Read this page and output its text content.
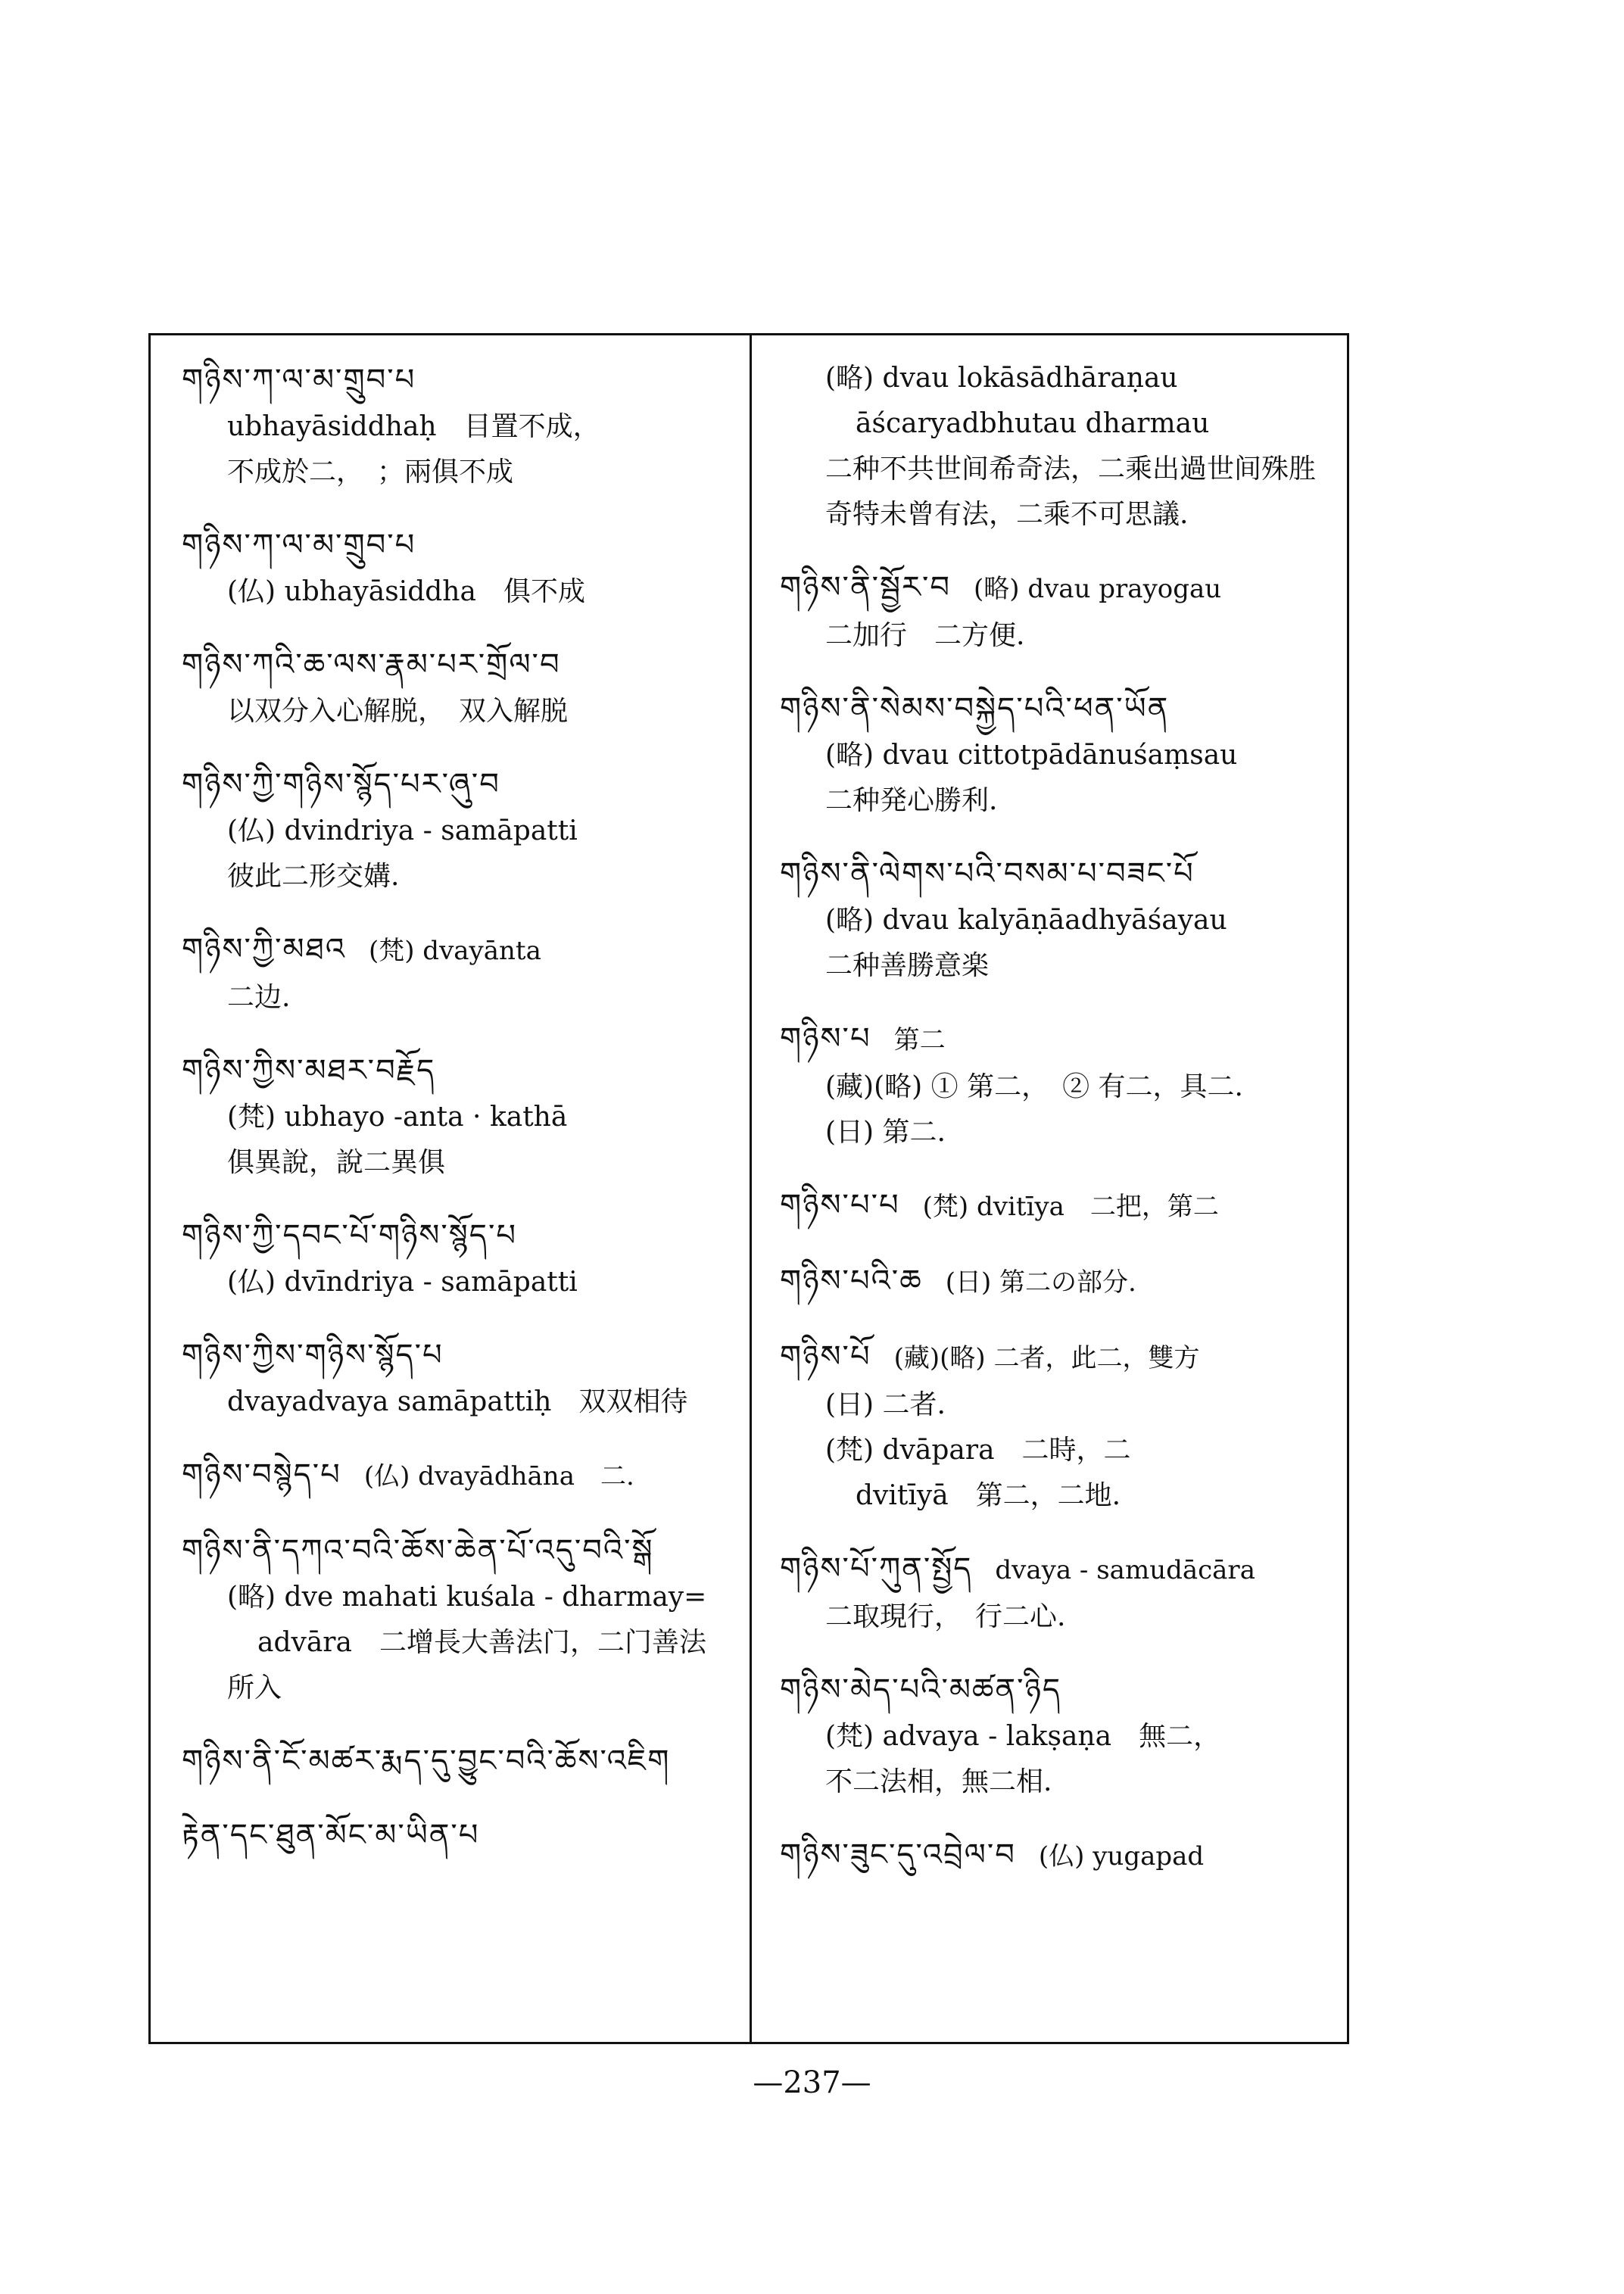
གཉིས་ཀ་ལ་མ་གྲུབ་པ
ubhayāsiddhaḥ　目置不成，
不成於二，　；兩俱不成
གཉིས་ཀ་ལ་མ་གྲུབ་པ
(仏) ubhayāsiddha　俱不成
གཉིས་ཀའི་ཆ་ལས་རྣམ་པར་གྲོལ་བ
以双分入心解脱，　双入解脱
གཉིས་ཀྱི་གཉིས་སྙོད་པར་ཞུ་བ
(仏) dvindriya - samāpatti
彼此二形交媾.
གཉིས་ཀྱི་མཐའ (梵) dvayānta
二边.
གཉིས་ཀྱིས་མཐར་བརྗོད
(梵) ubhayo -anta · kathā
俱異說，說二異俱
གཉིས་ཀྱི་དབང་པོ་གཉིས་སྙོད་པ
(仏) dvīndriya - samāpatti
གཉིས་ཀྱིས་གཉིས་སྙོད་པ
dvayadvaya samāpattiḥ　双双相待
གཉིས་བསྙེད་པ (仏) dvayādhāna　二.
གཉིས་ནི་དཀའ་བའི་ཆོས་ཆེན་པོ་འདུ་བའི་སྒོ
(略) dve mahati kuśala - dharmay=
advāra　二增長大善法门，二门善法
所入
གཉིས་ནི་ངོ་མཚར་རྨད་དུ་བྱུང་བའི་ཆོས་འཇིག
རྟེན་དང་ཐུན་མོང་མ་ཡིན་པ
(略) dvau lokāsādhāraṇau
āścaryadbhutau dharmau
二种不共世间希奇法，二乘出過世间殊胜
奇特未曾有法，二乘不可思議.
གཉིས་ནི་སྦྱོར་བ (略) dvau prayogau
二加行　二方便.
གཉིས་ནི་སེམས་བསྐྱེད་པའི་ཕན་ཡོན
(略) dvau cittotpādānuśaṃsau
二种発心勝利.
གཉིས་ནི་ལེགས་པའི་བསམ་པ་བཟང་པོ
(略) dvau kalyāṇāadhyāśayau
二种善勝意楽
གཉིས་པ 第二
(藏)(略) ① 第二，　② 有二，具二.
(日) 第二.
གཉིས་པ་པ (梵) dvitīya　二把，第二
གཉིས་པའི་ཆ (日) 第二の部分.
གཉིས་པོ (藏)(略) 二者，此二，雙方
(日) 二者.
(梵) dvāpara　二時，二
dvitīyā　第二，二地.
གཉིས་པོ་ཀུན་སྤྱོད dvaya - samudācāra
二取現行，　行二心.
གཉིས་མེད་པའི་མཚན་ཉིད
(梵) advaya - lakṣaṇa　無二，
不二法相，無二相.
གཉིས་ཟུང་དུ་འབྲེལ་བ (仏) yugapad
—237—
